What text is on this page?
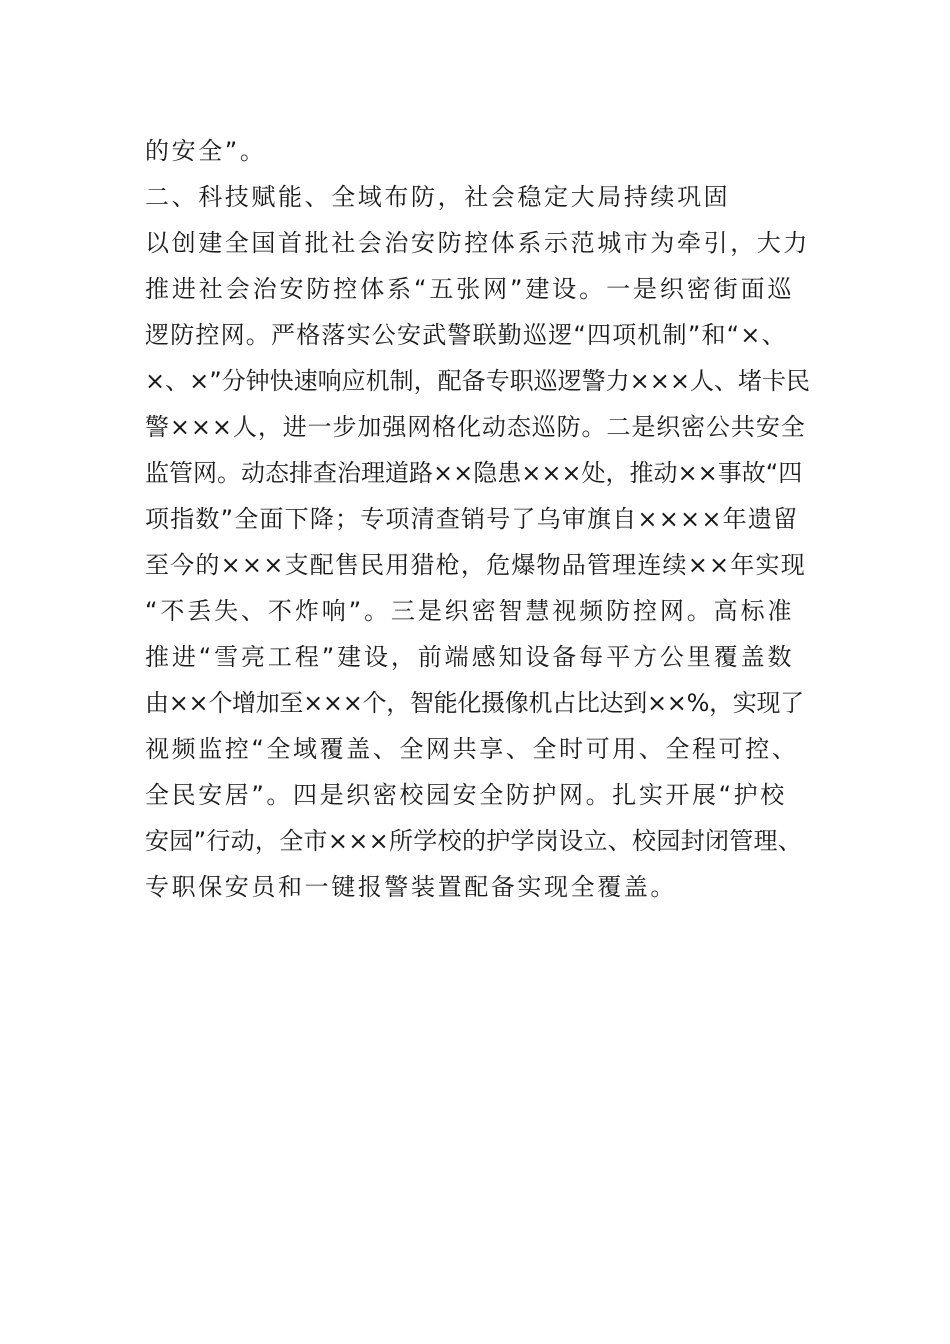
的安全”。
二、科技赋能、全域布防，社会稳定大局持续巩固
以创建全国首批社会治安防控体系示范城市为牵引，大力
推进社会治安防控体系“五张网”建设。一是织密街面巡
逻防控网。严格落实公安武警联勤巡逻“四项机制”和“×、
×、×”分钟快速响应机制，配备专职巡逻警力×××人、堵卡民
警×××人，进一步加强网格化动态巡防。二是织密公共安全
监管网。动态排查治理道路××隐患×××处，推动××事故“四
项指数”全面下降；专项清查销号了乌审旗自××××年遗留
至今的×××支配售民用猎枪，危爆物品管理连续××年实现
“不丢失、不炸响”。三是织密智慧视频防控网。高标准
推进“雪亮工程”建设，前端感知设备每平方公里覆盖数
由××个增加至×××个，智能化摄像机占比达到××%，实现了
视频监控“全域覆盖、全网共享、全时可用、全程可控、
全民安居”。四是织密校园安全防护网。扎实开展“护校
安园”行动，全市×××所学校的护学岗设立、校园封闭管理、
专职保安员和一键报警装置配备实现全覆盖。
